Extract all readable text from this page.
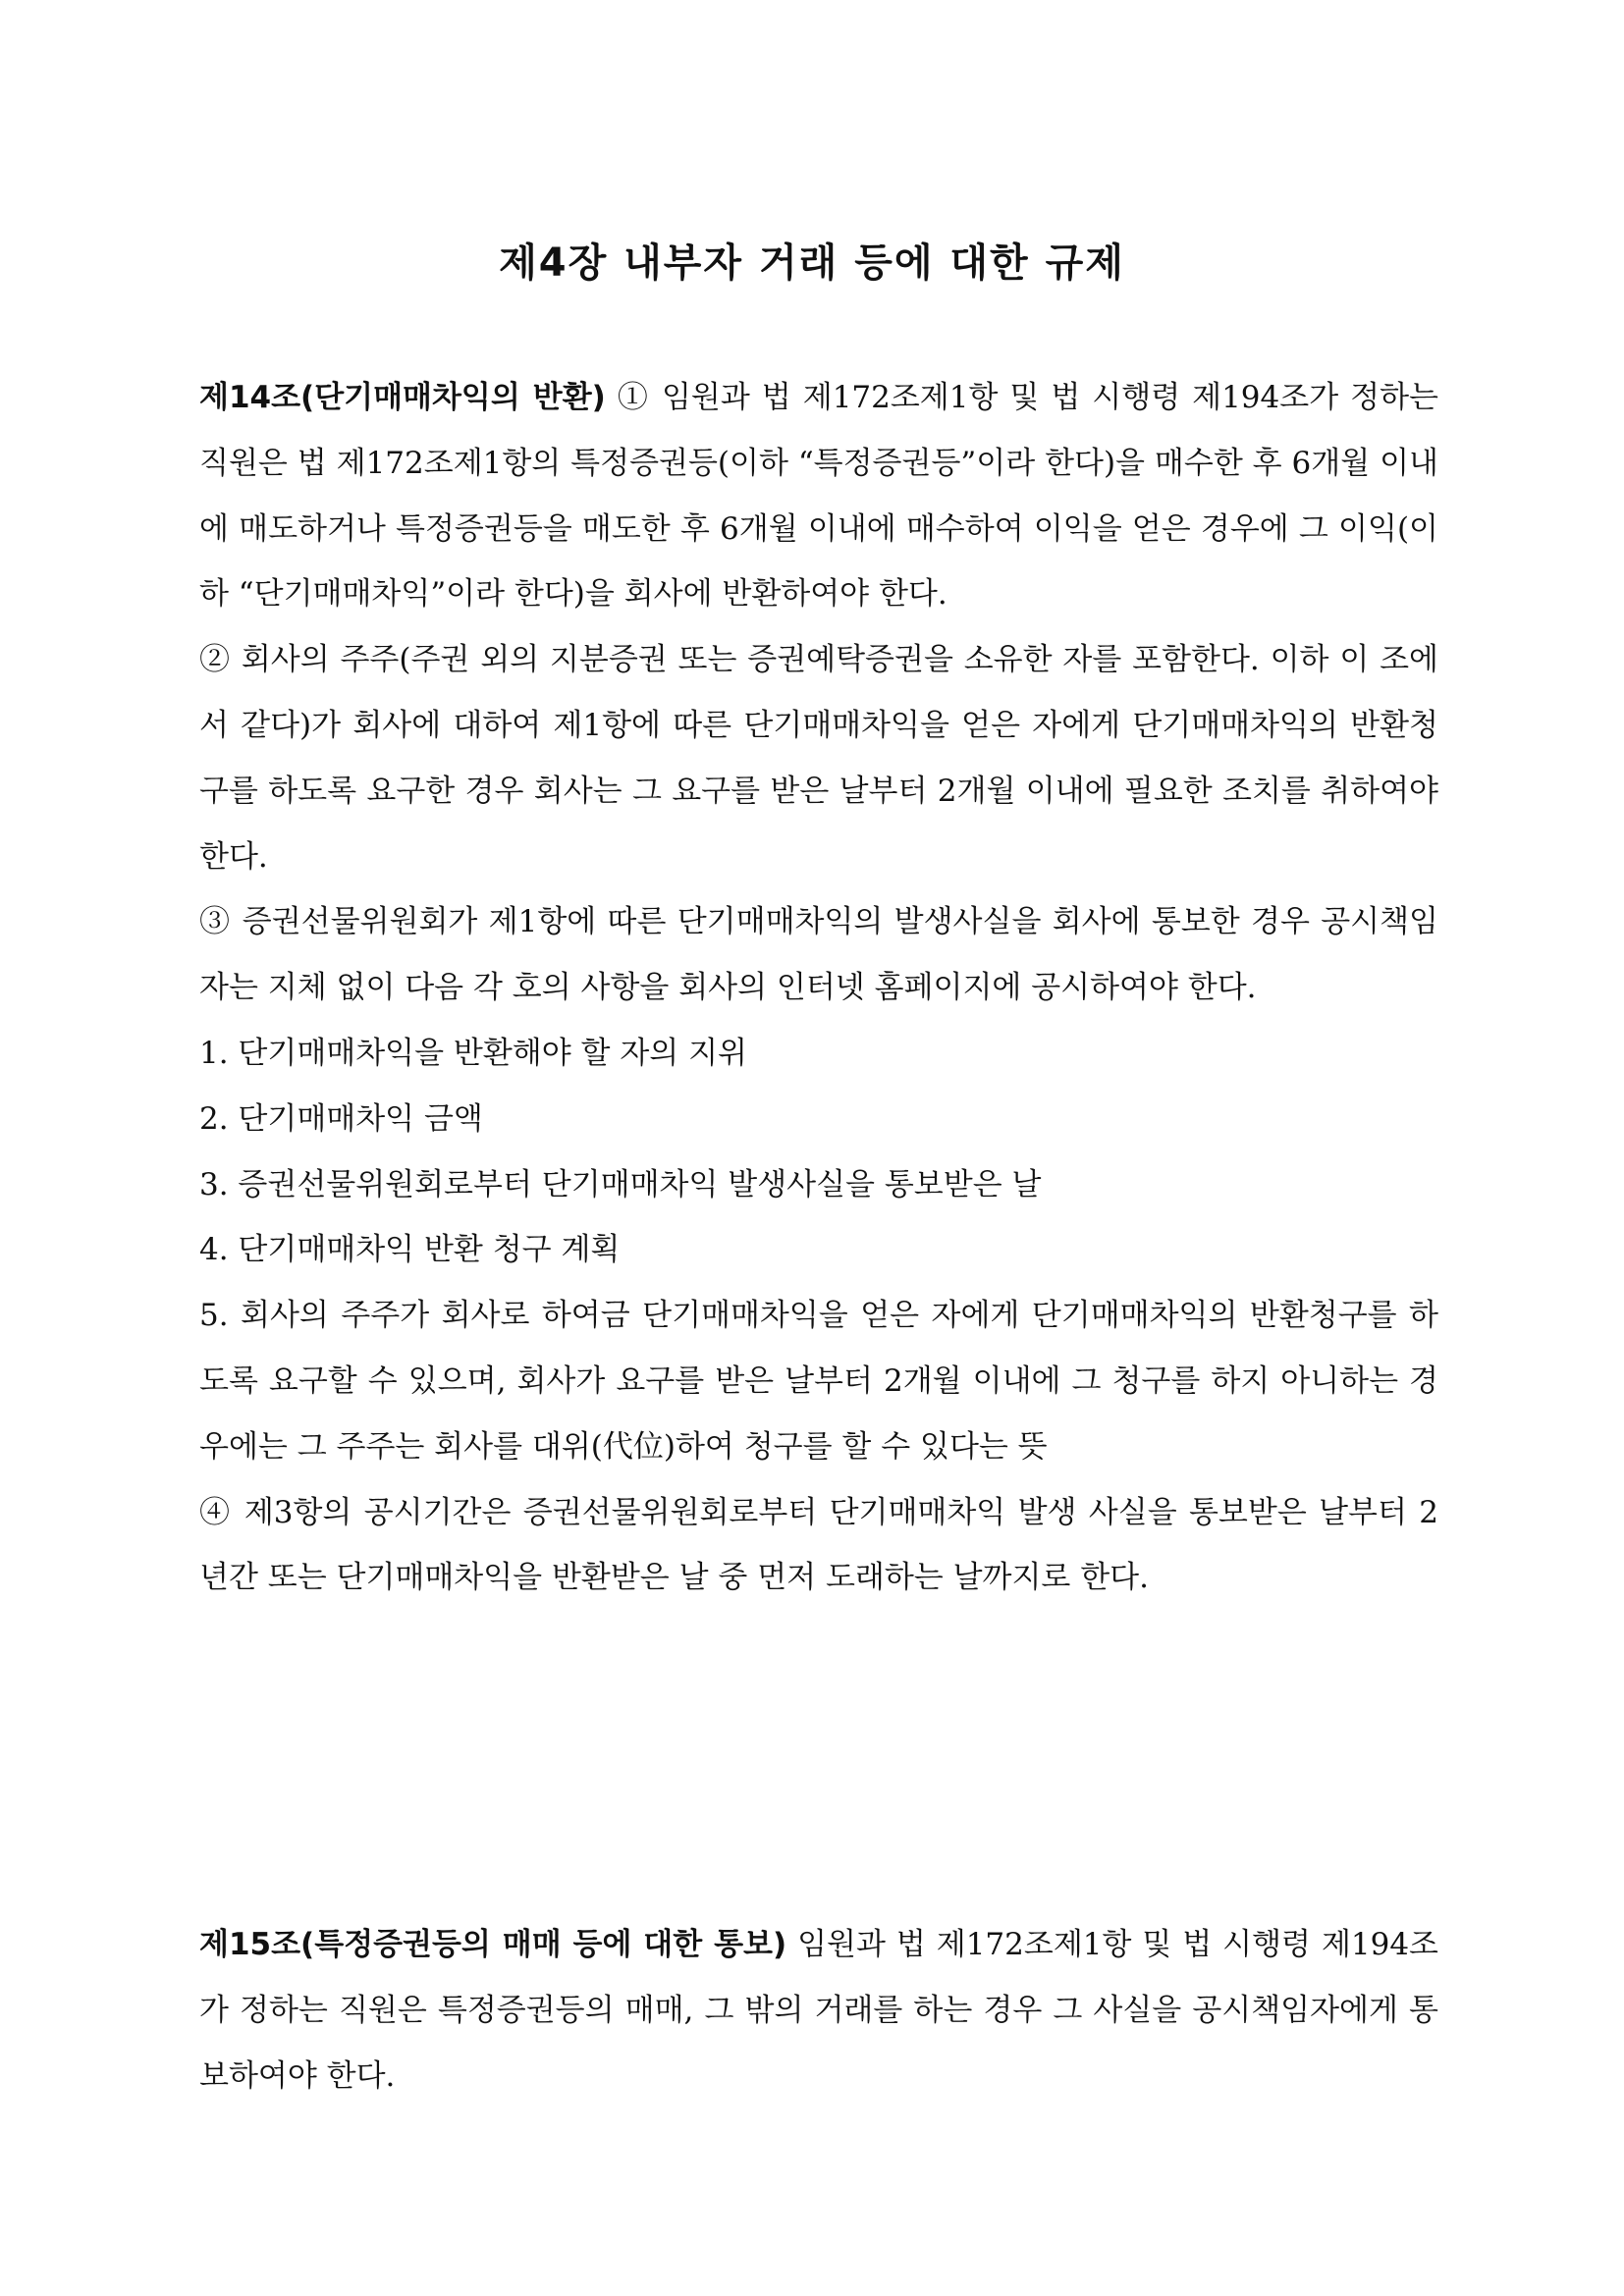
제4장 내부자 거래 등에 대한 규제

제14조(단기매매차익의 반환) ① 임원과 법 제172조제1항 및 법 시행령 제194조가 정하는 직원은 법 제172조제1항의 특정증권등(이하 “특정증권등”이라 한다)을 매수한 후 6개월 이내에 매도하거나 특정증권등을 매도한 후 6개월 이내에 매수하여 이익을 얻은 경우에 그 이익(이하 “단기매매차익”이라 한다)을 회사에 반환하여야 한다.

② 회사의 주주(주권 외의 지분증권 또는 증권예탁증권을 소유한 자를 포함한다. 이하 이 조에서 같다)가 회사에 대하여 제1항에 따른 단기매매차익을 얻은 자에게 단기매매차익의 반환청구를 하도록 요구한 경우 회사는 그 요구를 받은 날부터 2개월 이내에 필요한 조치를 취하여야 한다.

③ 증권선물위원회가 제1항에 따른 단기매매차익의 발생사실을 회사에 통보한 경우 공시책임자는 지체 없이 다음 각 호의 사항을 회사의 인터넷 홈페이지에 공시하여야 한다.

1. 단기매매차익을 반환해야 할 자의 지위

2. 단기매매차익 금액

3. 증권선물위원회로부터 단기매매차익 발생사실을 통보받은 날

4. 단기매매차익 반환 청구 계획

5. 회사의 주주가 회사로 하여금 단기매매차익을 얻은 자에게 단기매매차익의 반환청구를 하도록 요구할 수 있으며, 회사가 요구를 받은 날부터 2개월 이내에 그 청구를 하지 아니하는 경우에는 그 주주는 회사를 대위(代位)하여 청구를 할 수 있다는 뜻

④ 제3항의 공시기간은 증권선물위원회로부터 단기매매차익 발생 사실을 통보받은 날부터 2년간 또는 단기매매차익을 반환받은 날 중 먼저 도래하는 날까지로 한다.

제15조(특정증권등의 매매 등에 대한 통보) 임원과 법 제172조제1항 및 법 시행령 제194조가 정하는 직원은 특정증권등의 매매, 그 밖의 거래를 하는 경우 그 사실을 공시책임자에게 통보하여야 한다.
